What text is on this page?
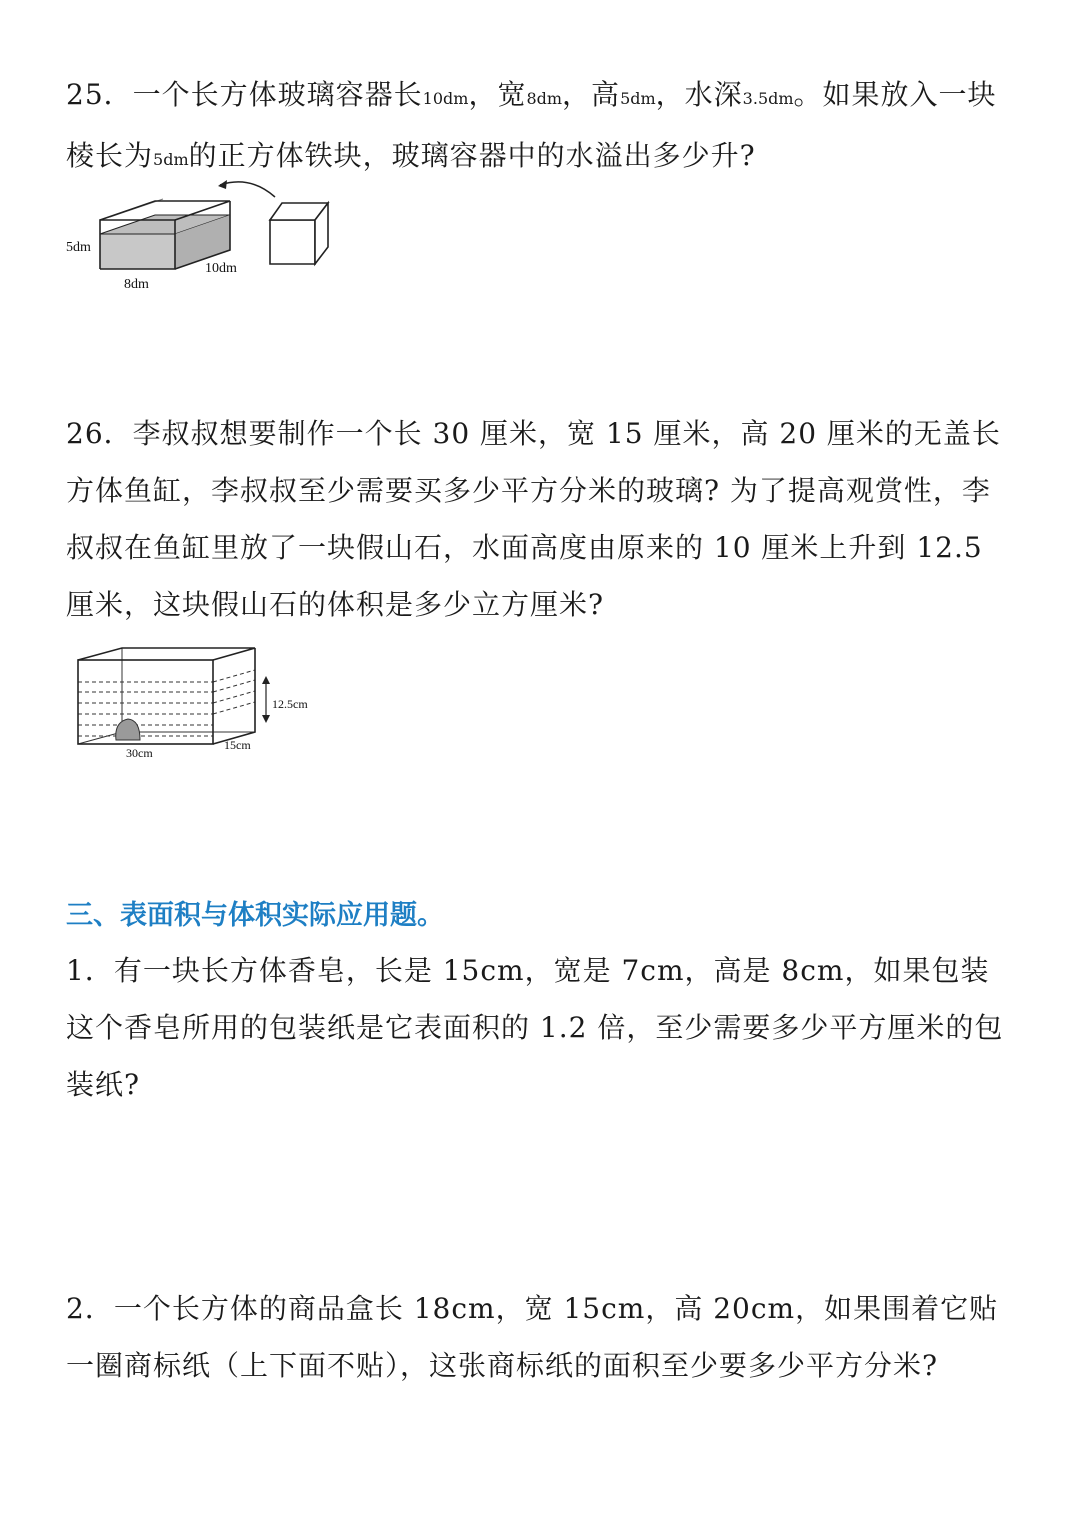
25．一个长方体玻璃容器长10dm，宽8dm，高5dm，水深3.5dm。如果放入一块棱长为5dm的正方体铁块，玻璃容器中的水溢出多少升?

5dm
10dm
8dm

26．李叔叔想要制作一个长 30 厘米，宽 15 厘米，高 20 厘米的无盖长方体鱼缸，李叔叔至少需要买多少平方分米的玻璃? 为了提高观赏性，李叔叔在鱼缸里放了一块假山石，水面高度由原来的 10 厘米上升到 12.5 厘米，这块假山石的体积是多少立方厘米?

12.5cm
30cm
15cm
三、表面积与体积实际应用题。

1．有一块长方体香皂，长是 15cm，宽是 7cm，高是 8cm，如果包装这个香皂所用的包装纸是它表面积的 1.2 倍，至少需要多少平方厘米的包装纸?

2．一个长方体的商品盒长 18cm，宽 15cm，高 20cm，如果围着它贴一圈商标纸（上下面不贴），这张商标纸的面积至少要多少平方分米?
